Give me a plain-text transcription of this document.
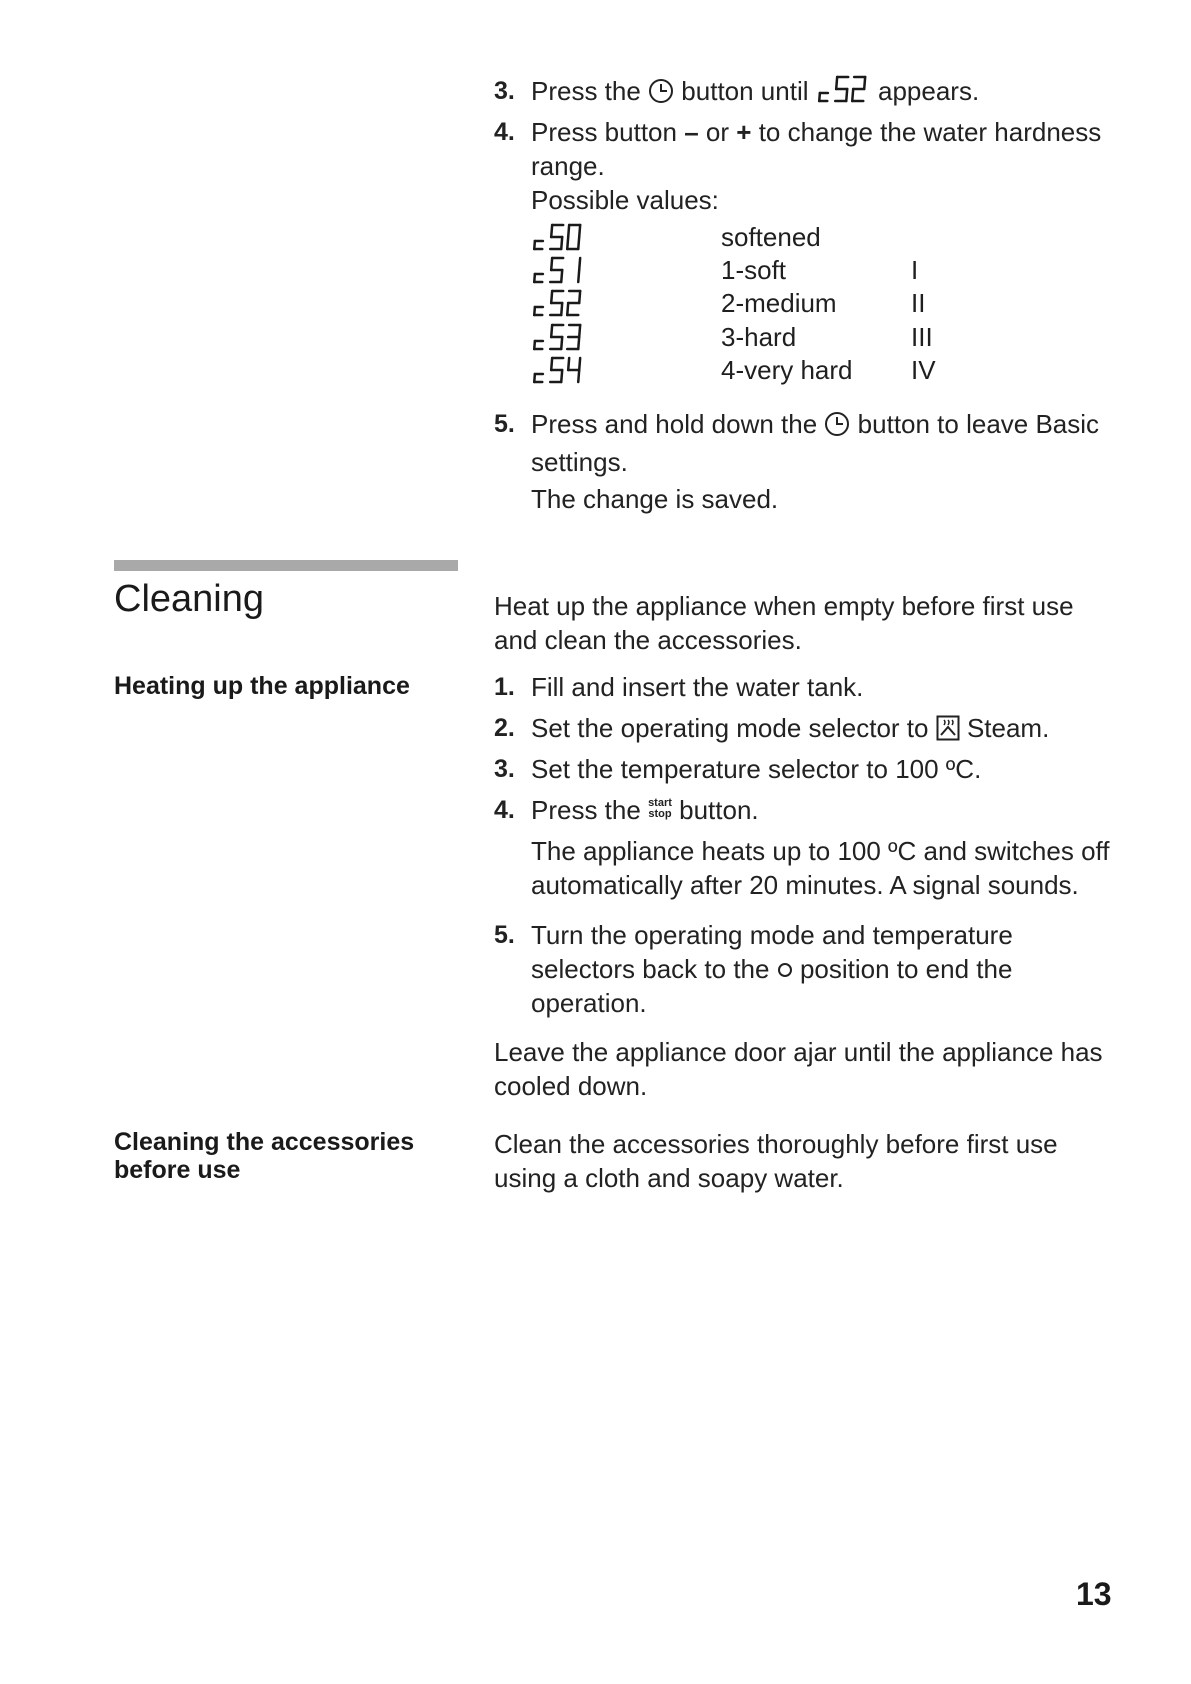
3. Press the button until	appears.
4. Press button – or + to change the water hardness range.
Possible values:
softened
1-soft	I
2-medium	II
3-hard	III
4-very hard IV
5. Press and hold down the button to leave Basic settings.
The change is saved.
Cleaning	Heat up the appliance when empty before first use and clean the accessories.
Heating up the appliance	1. Fill and insert the water tank.
2. Set the operating mode selector to Steam.
3. Set the temperature selector to 100 ºC.
4. Press the start
stop button.
The appliance heats up to 100 ºC and switches off automatically after 20 minutes. A signal sounds.
5. Turn the operating mode and temperature selectors back to the position to end the operation.
Leave the appliance door ajar until the appliance has cooled down.
Cleaning the accessories before use
Clean the accessories thoroughly before first use using a cloth and soapy water.
13
